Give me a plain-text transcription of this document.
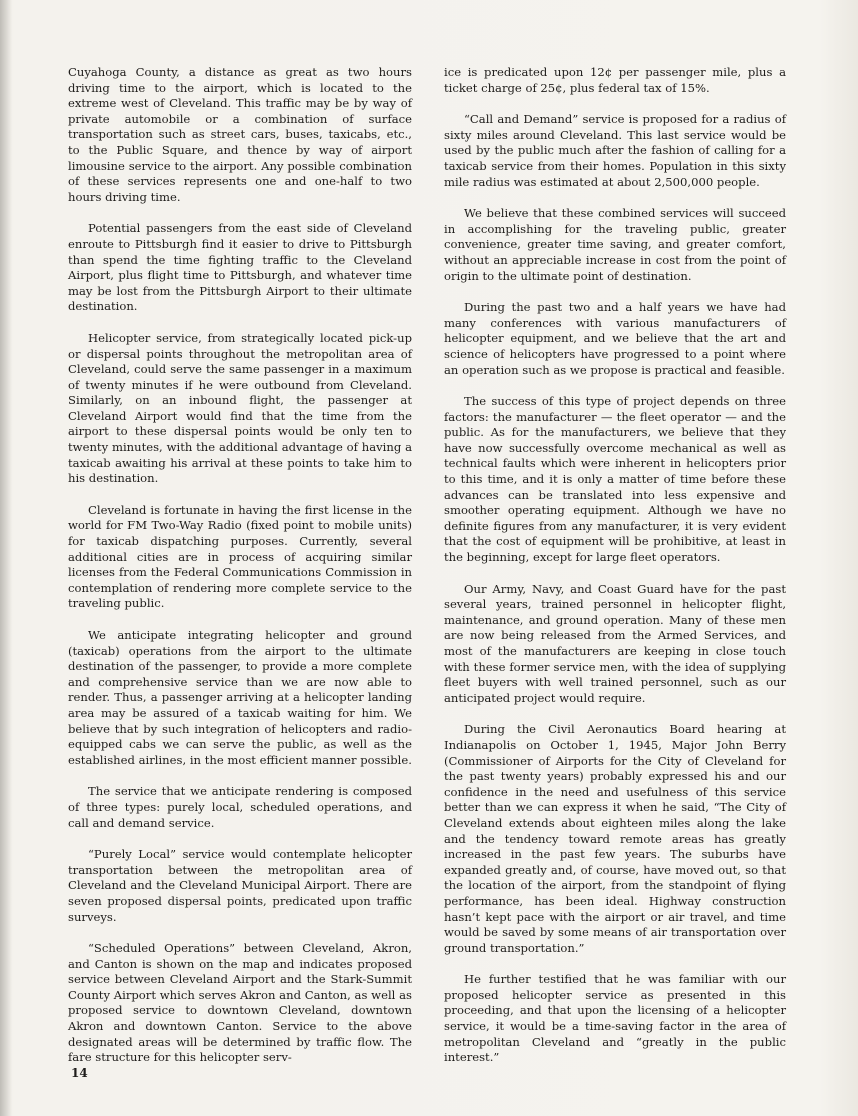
Cuyahoga County, a distance as great as two hours driving time to the airport, which is located to the extreme west of Cleveland. This traffic may be by way of private automobile or a combination of surface transportation such as street cars, buses, taxicabs, etc., to the Public Square, and thence by way of airport limousine service to the airport. Any possible combination of these services represents one and one-half to two hours driving time.

Potential passengers from the east side of Cleveland enroute to Pittsburgh find it easier to drive to Pittsburgh than spend the time fighting traffic to the Cleveland Airport, plus flight time to Pittsburgh, and whatever time may be lost from the Pittsburgh Airport to their ultimate destination.

Helicopter service, from strategically located pick-up or dispersal points throughout the metropolitan area of Cleveland, could serve the same passenger in a maximum of twenty minutes if he were outbound from Cleveland. Similarly, on an inbound flight, the passenger at Cleveland Airport would find that the time from the airport to these dispersal points would be only ten to twenty minutes, with the additional advantage of having a taxicab awaiting his arrival at these points to take him to his destination.

Cleveland is fortunate in having the first license in the world for FM Two-Way Radio (fixed point to mobile units) for taxicab dispatching purposes. Currently, several additional cities are in process of acquiring similar licenses from the Federal Communications Commission in contemplation of rendering more complete service to the traveling public.

We anticipate integrating helicopter and ground (taxicab) operations from the airport to the ultimate destination of the passenger, to provide a more complete and comprehensive service than we are now able to render. Thus, a passenger arriving at a helicopter landing area may be assured of a taxicab waiting for him. We believe that by such integration of helicopters and radio-equipped cabs we can serve the public, as well as the established airlines, in the most efficient manner possible.

The service that we anticipate rendering is composed of three types: purely local, scheduled operations, and call and demand service.

“Purely Local” service would contemplate helicopter transportation between the metropolitan area of Cleveland and the Cleveland Municipal Airport. There are seven proposed dispersal points, predicated upon traffic surveys.

“Scheduled Operations” between Cleveland, Akron, and Canton is shown on the map and indicates proposed service between Cleveland Airport and the Stark-Summit County Airport which serves Akron and Canton, as well as proposed service to downtown Cleveland, downtown Akron and downtown Canton. Service to the above designated areas will be determined by traffic flow. The fare structure for this helicopter serv-

ice is predicated upon 12¢ per passenger mile, plus a ticket charge of 25¢, plus federal tax of 15%.

“Call and Demand” service is proposed for a radius of sixty miles around Cleveland. This last service would be used by the public much after the fashion of calling for a taxicab service from their homes. Population in this sixty mile radius was estimated at about 2,500,000 people.

We believe that these combined services will succeed in accomplishing for the traveling public, greater convenience, greater time saving, and greater comfort, without an appreciable increase in cost from the point of origin to the ultimate point of destination.

During the past two and a half years we have had many conferences with various manufacturers of helicopter equipment, and we believe that the art and science of helicopters have progressed to a point where an operation such as we propose is practical and feasible.

The success of this type of project depends on three factors: the manufacturer — the fleet operator — and the public. As for the manufacturers, we believe that they have now successfully overcome mechanical as well as technical faults which were inherent in helicopters prior to this time, and it is only a matter of time before these advances can be translated into less expensive and smoother operating equipment. Although we have no definite figures from any manufacturer, it is very evident that the cost of equipment will be prohibitive, at least in the beginning, except for large fleet operators.

Our Army, Navy, and Coast Guard have for the past several years, trained personnel in helicopter flight, maintenance, and ground operation. Many of these men are now being released from the Armed Services, and most of the manufacturers are keeping in close touch with these former service men, with the idea of supplying fleet buyers with well trained personnel, such as our anticipated project would require.

During the Civil Aeronautics Board hearing at Indianapolis on October 1, 1945, Major John Berry (Commissioner of Airports for the City of Cleveland for the past twenty years) probably expressed his and our confidence in the need and usefulness of this service better than we can express it when he said, “The City of Cleveland extends about eighteen miles along the lake and the tendency toward remote areas has greatly increased in the past few years. The suburbs have expanded greatly and, of course, have moved out, so that the location of the airport, from the standpoint of flying performance, has been ideal. Highway construction hasn’t kept pace with the airport or air travel, and time would be saved by some means of air transportation over ground transportation.”

He further testified that he was familiar with our proposed helicopter service as presented in this proceeding, and that upon the licensing of a helicopter service, it would be a time-saving factor in the area of metropolitan Cleveland and “greatly in the public interest.”

14
